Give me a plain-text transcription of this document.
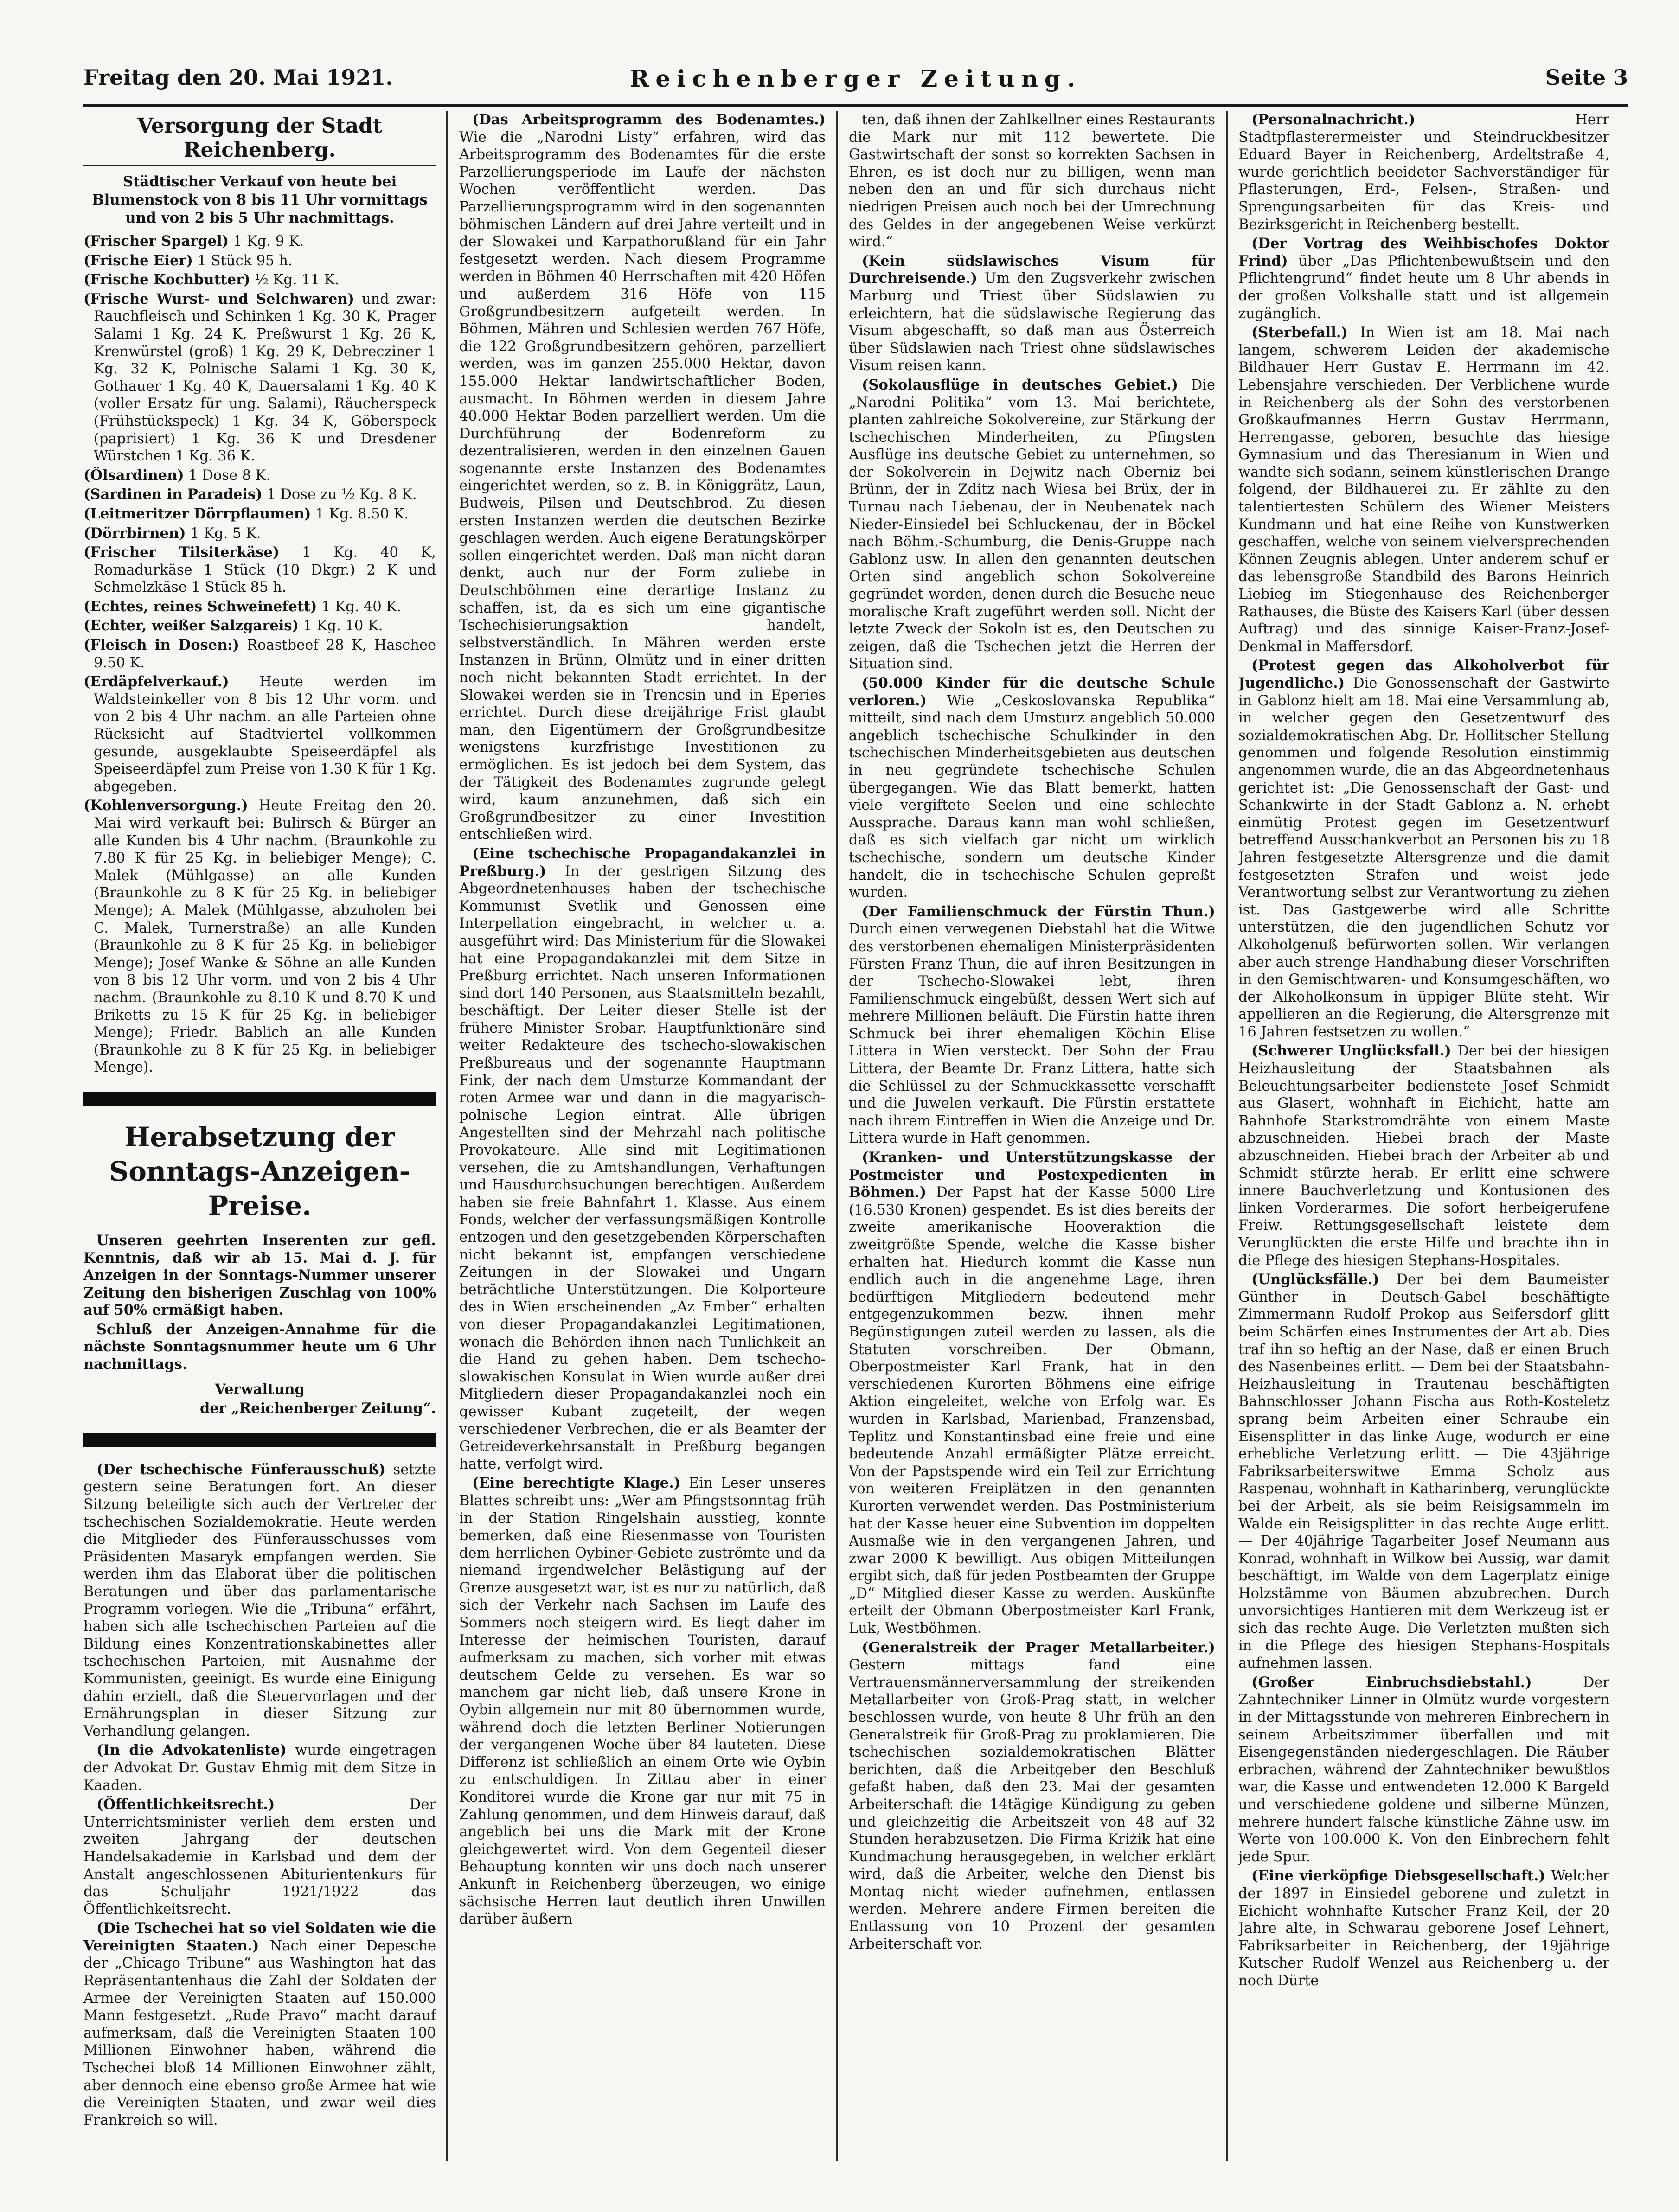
Freitag den 20. Mai 1921.	Reichenberger Zeitung.	Seite 3
Versorgung der Stadt Reichenberg.
Städtischer Verkauf von heute bei Blumenstock von 8 bis 11 Uhr vormittags und von 2 bis 5 Uhr nachmittags.

(Frischer Spargel) 1 Kg. 9 K.

(Frische Eier) 1 Stück 95 h.

(Frische Kochbutter) ½ Kg. 11 K.

(Frische Wurst- und Selchwaren) und zwar: Rauchfleisch und Schinken 1 Kg. 30 K, Prager Salami 1 Kg. 24 K, Preßwurst 1 Kg. 26 K, Krenwürstel (groß) 1 Kg. 29 K, Debrecziner 1 Kg. 32 K, Polnische Salami 1 Kg. 30 K, Gothauer 1 Kg. 40 K, Dauersalami 1 Kg. 40 K (voller Ersatz für ung. Salami), Räucherspeck (Frühstückspeck) 1 Kg. 34 K, Göberspeck (paprisiert) 1 Kg. 36 K und Dresdener Würstchen 1 Kg. 36 K.

(Ölsardinen) 1 Dose 8 K.

(Sardinen in Paradeis) 1 Dose zu ½ Kg. 8 K.

(Leitmeritzer Dörrpflaumen) 1 Kg. 8.50 K.

(Dörrbirnen) 1 Kg. 5 K.

(Frischer Tilsiterkäse) 1 Kg. 40 K, Romadurkäse 1 Stück (10 Dkgr.) 2 K und Schmelzkäse 1 Stück 85 h.

(Echtes, reines Schweinefett) 1 Kg. 40 K.

(Echter, weißer Salzgareis) 1 Kg. 10 K.

(Fleisch in Dosen:) Roastbeef 28 K, Haschee 9.50 K.

(Erdäpfelverkauf.) Heute werden im Waldsteinkeller von 8 bis 12 Uhr vorm. und von 2 bis 4 Uhr nachm. an alle Parteien ohne Rücksicht auf Stadtviertel vollkommen gesunde, ausgeklaubte Speiseerdäpfel als Speiseerdäpfel zum Preise von 1.30 K für 1 Kg. abgegeben.

(Kohlenversorgung.) Heute Freitag den 20. Mai wird verkauft bei: Bulirsch & Bürger an alle Kunden bis 4 Uhr nachm. (Braunkohle zu 7.80 K für 25 Kg. in beliebiger Menge); C. Malek (Mühlgasse) an alle Kunden (Braunkohle zu 8 K für 25 Kg. in beliebiger Menge); A. Malek (Mühlgasse, abzuholen bei C. Malek, Turnerstraße) an alle Kunden (Braunkohle zu 8 K für 25 Kg. in beliebiger Menge); Josef Wanke & Söhne an alle Kunden von 8 bis 12 Uhr vorm. und von 2 bis 4 Uhr nachm. (Braunkohle zu 8.10 K und 8.70 K und Briketts zu 15 K für 25 Kg. in beliebiger Menge); Friedr. Bablich an alle Kunden (Braunkohle zu 8 K für 25 Kg. in beliebiger Menge).

Herabsetzung der Sonntags-Anzeigen-Preise.

Unseren geehrten Inserenten zur gefl. Kenntnis, daß wir ab 15. Mai d. J. für Anzeigen in der Sonntags-Nummer unserer Zeitung den bisherigen Zuschlag von 100% auf 50% ermäßigt haben.

Schluß der Anzeigen-Annahme für die nächste Sonntagsnummer heute um 6 Uhr nachmittags.

Verwaltung
der „Reichenberger Zeitung“.

(Der tschechische Fünferausschuß) setzte gestern seine Beratungen fort. An dieser Sitzung beteiligte sich auch der Vertreter der tschechischen Sozialdemokratie. Heute werden die Mitglieder des Fünferausschusses vom Präsidenten Masaryk empfangen werden. Sie werden ihm das Elaborat über die politischen Beratungen und über das parlamentarische Programm vorlegen. Wie die „Tribuna“ erfährt, haben sich alle tschechischen Parteien auf die Bildung eines Konzentrationskabinettes aller tschechischen Parteien, mit Ausnahme der Kommunisten, geeinigt. Es wurde eine Einigung dahin erzielt, daß die Steuervorlagen und der Ernährungsplan in dieser Sitzung zur Verhandlung gelangen.

(In die Advokatenliste) wurde eingetragen der Advokat Dr. Gustav Ehmig mit dem Sitze in Kaaden.

(Öffentlichkeitsrecht.) Der Unterrichtsminister verlieh dem ersten und zweiten Jahrgang der deutschen Handelsakademie in Karlsbad und dem der Anstalt angeschlossenen Abiturientenkurs für das Schuljahr 1921/1922 das Öffentlichkeitsrecht.

(Die Tschechei hat so viel Soldaten wie die Vereinigten Staaten.) Nach einer Depesche der „Chicago Tribune“ aus Washington hat das Repräsentantenhaus die Zahl der Soldaten der Armee der Vereinigten Staaten auf 150.000 Mann festgesetzt. „Rude Pravo“ macht darauf aufmerksam, daß die Vereinigten Staaten 100 Millionen Einwohner haben, während die Tschechei bloß 14 Millionen Einwohner zählt, aber dennoch eine ebenso große Armee hat wie die Vereinigten Staaten, und zwar weil dies Frankreich so will.

(Das Arbeitsprogramm des Bodenamtes.) Wie die „Narodni Listy“ erfahren, wird das Arbeitsprogramm des Bodenamtes für die erste Parzellierungsperiode im Laufe der nächsten Wochen veröffentlicht werden. Das Parzellierungsprogramm wird in den sogenannten böhmischen Ländern auf drei Jahre verteilt und in der Slowakei und Karpathorußland für ein Jahr festgesetzt werden. Nach diesem Programme werden in Böhmen 40 Herrschaften mit 420 Höfen und außerdem 316 Höfe von 115 Großgrundbesitzern aufgeteilt werden. In Böhmen, Mähren und Schlesien werden 767 Höfe, die 122 Großgrundbesitzern gehören, parzelliert werden, was im ganzen 255.000 Hektar, davon 155.000 Hektar landwirtschaftlicher Boden, ausmacht. In Böhmen werden in diesem Jahre 40.000 Hektar Boden parzelliert werden. Um die Durchführung der Bodenreform zu dezentralisieren, werden in den einzelnen Gauen sogenannte erste Instanzen des Bodenamtes eingerichtet werden, so z. B. in Königgrätz, Laun, Budweis, Pilsen und Deutschbrod. Zu diesen ersten Instanzen werden die deutschen Bezirke geschlagen werden. Auch eigene Beratungskörper sollen eingerichtet werden. Daß man nicht daran denkt, auch nur der Form zuliebe in Deutschböhmen eine derartige Instanz zu schaffen, ist, da es sich um eine gigantische Tschechisierungsaktion handelt, selbstverständlich. In Mähren werden erste Instanzen in Brünn, Olmütz und in einer dritten noch nicht bekannten Stadt errichtet. In der Slowakei werden sie in Trencsin und in Eperies errichtet. Durch diese dreijährige Frist glaubt man, den Eigentümern der Großgrundbesitze wenigstens kurzfristige Investitionen zu ermöglichen. Es ist jedoch bei dem System, das der Tätigkeit des Bodenamtes zugrunde gelegt wird, kaum anzunehmen, daß sich ein Großgrundbesitzer zu einer Investition entschließen wird.

(Eine tschechische Propagandakanzlei in Preßburg.) In der gestrigen Sitzung des Abgeordnetenhauses haben der tschechische Kommunist Svetlik und Genossen eine Interpellation eingebracht, in welcher u. a. ausgeführt wird: Das Ministerium für die Slowakei hat eine Propagandakanzlei mit dem Sitze in Preßburg errichtet. Nach unseren Informationen sind dort 140 Personen, aus Staatsmitteln bezahlt, beschäftigt. Der Leiter dieser Stelle ist der frühere Minister Srobar. Hauptfunktionäre sind weiter Redakteure des tschecho-slowakischen Preßbureaus und der sogenannte Hauptmann Fink, der nach dem Umsturze Kommandant der roten Armee war und dann in die magyarisch-polnische Legion eintrat. Alle übrigen Angestellten sind der Mehrzahl nach politische Provokateure. Alle sind mit Legitimationen versehen, die zu Amtshandlungen, Verhaftungen und Hausdurchsuchungen berechtigen. Außerdem haben sie freie Bahnfahrt 1. Klasse. Aus einem Fonds, welcher der verfassungsmäßigen Kontrolle entzogen und den gesetzgebenden Körperschaften nicht bekannt ist, empfangen verschiedene Zeitungen in der Slowakei und Ungarn beträchtliche Unterstützungen. Die Kolporteure des in Wien erscheinenden „Az Ember“ erhalten von dieser Propagandakanzlei Legitimationen, wonach die Behörden ihnen nach Tunlichkeit an die Hand zu gehen haben. Dem tschecho-slowakischen Konsulat in Wien wurde außer drei Mitgliedern dieser Propagandakanzlei noch ein gewisser Kubant zugeteilt, der wegen verschiedener Verbrechen, die er als Beamter der Getreideverkehrsanstalt in Preßburg begangen hatte, verfolgt wird.

(Eine berechtigte Klage.) Ein Leser unseres Blattes schreibt uns: „Wer am Pfingstsonntag früh in der Station Ringelshain ausstieg, konnte bemerken, daß eine Riesenmasse von Touristen dem herrlichen Oybiner-Gebiete zuströmte und da niemand irgendwelcher Belästigung auf der Grenze ausgesetzt war, ist es nur zu natürlich, daß sich der Verkehr nach Sachsen im Laufe des Sommers noch steigern wird. Es liegt daher im Interesse der heimischen Touristen, darauf aufmerksam zu machen, sich vorher mit etwas deutschem Gelde zu versehen. Es war so manchem gar nicht lieb, daß unsere Krone in Oybin allgemein nur mit 80 übernommen wurde, während doch die letzten Berliner Notierungen der vergangenen Woche über 84 lauteten. Diese Differenz ist schließlich an einem Orte wie Oybin zu entschuldigen. In Zittau aber in einer Konditorei wurde die Krone gar nur mit 75 in Zahlung genommen, und dem Hinweis darauf, daß angeblich bei uns die Mark mit der Krone gleichgewertet wird. Von dem Gegenteil dieser Behauptung konnten wir uns doch nach unserer Ankunft in Reichenberg überzeugen, wo einige sächsische Herren laut deutlich ihren Unwillen darüber äußern

ten, daß ihnen der Zahlkellner eines Restaurants die Mark nur mit 112 bewertete. Die Gastwirtschaft der sonst so korrekten Sachsen in Ehren, es ist doch nur zu billigen, wenn man neben den an und für sich durchaus nicht niedrigen Preisen auch noch bei der Umrechnung des Geldes in der angegebenen Weise verkürzt wird.“

(Kein südslawisches Visum für Durchreisende.) Um den Zugsverkehr zwischen Marburg und Triest über Südslawien zu erleichtern, hat die südslawische Regierung das Visum abgeschafft, so daß man aus Österreich über Südslawien nach Triest ohne südslawisches Visum reisen kann.

(Sokolausflüge in deutsches Gebiet.) Die „Narodni Politika“ vom 13. Mai berichtete, planten zahlreiche Sokolvereine, zur Stärkung der tschechischen Minderheiten, zu Pfingsten Ausflüge ins deutsche Gebiet zu unternehmen, so der Sokolverein in Dejwitz nach Oberniz bei Brünn, der in Zditz nach Wiesa bei Brüx, der in Turnau nach Liebenau, der in Neubenatek nach Nieder-Einsiedel bei Schluckenau, der in Böckel nach Böhm.-Schumburg, die Denis-Gruppe nach Gablonz usw. In allen den genannten deutschen Orten sind angeblich schon Sokolvereine gegründet worden, denen durch die Besuche neue moralische Kraft zugeführt werden soll. Nicht der letzte Zweck der Sokoln ist es, den Deutschen zu zeigen, daß die Tschechen jetzt die Herren der Situation sind.

(50.000 Kinder für die deutsche Schule verloren.) Wie „Ceskoslovanska Republika“ mitteilt, sind nach dem Umsturz angeblich 50.000 angeblich tschechische Schulkinder in den tschechischen Minderheitsgebieten aus deutschen in neu gegründete tschechische Schulen übergegangen. Wie das Blatt bemerkt, hatten viele vergiftete Seelen und eine schlechte Aussprache. Daraus kann man wohl schließen, daß es sich vielfach gar nicht um wirklich tschechische, sondern um deutsche Kinder handelt, die in tschechische Schulen gepreßt wurden.

(Der Familienschmuck der Fürstin Thun.) Durch einen verwegenen Diebstahl hat die Witwe des verstorbenen ehemaligen Ministerpräsidenten Fürsten Franz Thun, die auf ihren Besitzungen in der Tschecho-Slowakei lebt, ihren Familienschmuck eingebüßt, dessen Wert sich auf mehrere Millionen beläuft. Die Fürstin hatte ihren Schmuck bei ihrer ehemaligen Köchin Elise Littera in Wien versteckt. Der Sohn der Frau Littera, der Beamte Dr. Franz Littera, hatte sich die Schlüssel zu der Schmuckkassette verschafft und die Juwelen verkauft. Die Fürstin erstattete nach ihrem Eintreffen in Wien die Anzeige und Dr. Littera wurde in Haft genommen.

(Kranken- und Unterstützungskasse der Postmeister und Postexpedienten in Böhmen.) Der Papst hat der Kasse 5000 Lire (16.530 Kronen) gespendet. Es ist dies bereits der zweite amerikanische Hooveraktion die zweitgrößte Spende, welche die Kasse bisher erhalten hat. Hiedurch kommt die Kasse nun endlich auch in die angenehme Lage, ihren bedürftigen Mitgliedern bedeutend mehr entgegenzukommen bezw. ihnen mehr Begünstigungen zuteil werden zu lassen, als die Statuten vorschreiben. Der Obmann, Oberpostmeister Karl Frank, hat in den verschiedenen Kurorten Böhmens eine eifrige Aktion eingeleitet, welche von Erfolg war. Es wurden in Karlsbad, Marienbad, Franzensbad, Teplitz und Konstantinsbad eine freie und eine bedeutende Anzahl ermäßigter Plätze erreicht. Von der Papstspende wird ein Teil zur Errichtung von weiteren Freiplätzen in den genannten Kurorten verwendet werden. Das Postministerium hat der Kasse heuer eine Subvention im doppelten Ausmaße wie in den vergangenen Jahren, und zwar 2000 K bewilligt. Aus obigen Mitteilungen ergibt sich, daß für jeden Postbeamten der Gruppe „D“ Mitglied dieser Kasse zu werden. Auskünfte erteilt der Obmann Oberpostmeister Karl Frank, Luk, Westböhmen.

(Generalstreik der Prager Metallarbeiter.) Gestern mittags fand eine Vertrauensmännerversammlung der streikenden Metallarbeiter von Groß-Prag statt, in welcher beschlossen wurde, von heute 8 Uhr früh an den Generalstreik für Groß-Prag zu proklamieren. Die tschechischen sozialdemokratischen Blätter berichten, daß die Arbeitgeber den Beschluß gefaßt haben, daß den 23. Mai der gesamten Arbeiterschaft die 14tägige Kündigung zu geben und gleichzeitig die Arbeitszeit von 48 auf 32 Stunden herabzusetzen. Die Firma Kriżik hat eine Kundmachung herausgegeben, in welcher erklärt wird, daß die Arbeiter, welche den Dienst bis Montag nicht wieder aufnehmen, entlassen werden. Mehrere andere Firmen bereiten die Entlassung von 10 Prozent der gesamten Arbeiterschaft vor.

(Personalnachricht.) Herr Stadtpflasterermeister und Steindruckbesitzer Eduard Bayer in Reichenberg, Ardeltstraße 4, wurde gerichtlich beeideter Sachverständiger für Pflasterungen, Erd-, Felsen-, Straßen- und Sprengungsarbeiten für das Kreis- und Bezirksgericht in Reichenberg bestellt.

(Der Vortrag des Weihbischofes Doktor Frind) über „Das Pflichtenbewußtsein und den Pflichtengrund“ findet heute um 8 Uhr abends in der großen Volkshalle statt und ist allgemein zugänglich.

(Sterbefall.) In Wien ist am 18. Mai nach langem, schwerem Leiden der akademische Bildhauer Herr Gustav E. Herrmann im 42. Lebensjahre verschieden. Der Verblichene wurde in Reichenberg als der Sohn des verstorbenen Großkaufmannes Herrn Gustav Herrmann, Herrengasse, geboren, besuchte das hiesige Gymnasium und das Theresianum in Wien und wandte sich sodann, seinem künstlerischen Drange folgend, der Bildhauerei zu. Er zählte zu den talentiertesten Schülern des Wiener Meisters Kundmann und hat eine Reihe von Kunstwerken geschaffen, welche von seinem vielversprechenden Können Zeugnis ablegen. Unter anderem schuf er das lebensgroße Standbild des Barons Heinrich Liebieg im Stiegenhause des Reichenberger Rathauses, die Büste des Kaisers Karl (über dessen Auftrag) und das sinnige Kaiser-Franz-Josef-Denkmal in Maffersdorf.

(Protest gegen das Alkoholverbot für Jugendliche.) Die Genossenschaft der Gastwirte in Gablonz hielt am 18. Mai eine Versammlung ab, in welcher gegen den Gesetzentwurf des sozialdemokratischen Abg. Dr. Hollitscher Stellung genommen und folgende Resolution einstimmig angenommen wurde, die an das Abgeordnetenhaus gerichtet ist: „Die Genossenschaft der Gast- und Schankwirte in der Stadt Gablonz a. N. erhebt einmütig Protest gegen im Gesetzentwurf betreffend Ausschankverbot an Personen bis zu 18 Jahren festgesetzte Altersgrenze und die damit festgesetzten Strafen und weist jede Verantwortung selbst zur Verantwortung zu ziehen ist. Das Gastgewerbe wird alle Schritte unterstützen, die den jugendlichen Schutz vor Alkoholgenuß befürworten sollen. Wir verlangen aber auch strenge Handhabung dieser Vorschriften in den Gemischtwaren- und Konsumgeschäften, wo der Alkoholkonsum in üppiger Blüte steht. Wir appellieren an die Regierung, die Altersgrenze mit 16 Jahren festsetzen zu wollen.“

(Schwerer Unglücksfall.) Der bei der hiesigen Heizhausleitung der Staatsbahnen als Beleuchtungsarbeiter bedienstete Josef Schmidt aus Glasert, wohnhaft in Eichicht, hatte am Bahnhofe Starkstromdrähte von einem Maste abzuschneiden. Hiebei brach der Maste abzuschneiden. Hiebei brach der Arbeiter ab und Schmidt stürzte herab. Er erlitt eine schwere innere Bauchverletzung und Kontusionen des linken Vorderarmes. Die sofort herbeigerufene Freiw. Rettungsgesellschaft leistete dem Verunglückten die erste Hilfe und brachte ihn in die Pflege des hiesigen Stephans-Hospitales.

(Unglücksfälle.) Der bei dem Baumeister Günther in Deutsch-Gabel beschäftigte Zimmermann Rudolf Prokop aus Seifersdorf glitt beim Schärfen eines Instrumentes der Art ab. Dies traf ihn so heftig an der Nase, daß er einen Bruch des Nasenbeines erlitt. — Dem bei der Staatsbahn-Heizhausleitung in Trautenau beschäftigten Bahnschlosser Johann Fischa aus Roth-Kosteletz sprang beim Arbeiten einer Schraube ein Eisensplitter in das linke Auge, wodurch er eine erhebliche Verletzung erlitt. — Die 43jährige Fabriksarbeiterswitwe Emma Scholz aus Raspenau, wohnhaft in Katharinberg, verunglückte bei der Arbeit, als sie beim Reisigsammeln im Walde ein Reisigsplitter in das rechte Auge erlitt. — Der 40jährige Tagarbeiter Josef Neumann aus Konrad, wohnhaft in Wilkow bei Aussig, war damit beschäftigt, im Walde von dem Lagerplatz einige Holzstämme von Bäumen abzubrechen. Durch unvorsichtiges Hantieren mit dem Werkzeug ist er sich das rechte Auge. Die Verletzten mußten sich in die Pflege des hiesigen Stephans-Hospitals aufnehmen lassen.

(Großer Einbruchsdiebstahl.) Der Zahntechniker Linner in Olmütz wurde vorgestern in der Mittagsstunde von mehreren Einbrechern in seinem Arbeitszimmer überfallen und mit Eisengegenständen niedergeschlagen. Die Räuber erbrachen, während der Zahntechniker bewußtlos war, die Kasse und entwendeten 12.000 K Bargeld und verschiedene goldene und silberne Münzen, mehrere hundert falsche künstliche Zähne usw. im Werte von 100.000 K. Von den Einbrechern fehlt jede Spur.

(Eine vierköpfige Diebsgesellschaft.) Welcher der 1897 in Einsiedel geborene und zuletzt in Eichicht wohnhafte Kutscher Franz Keil, der 20 Jahre alte, in Schwarau geborene Josef Lehnert, Fabriksarbeiter in Reichenberg, der 19jährige Kutscher Rudolf Wenzel aus Reichenberg u. der noch Dürte
